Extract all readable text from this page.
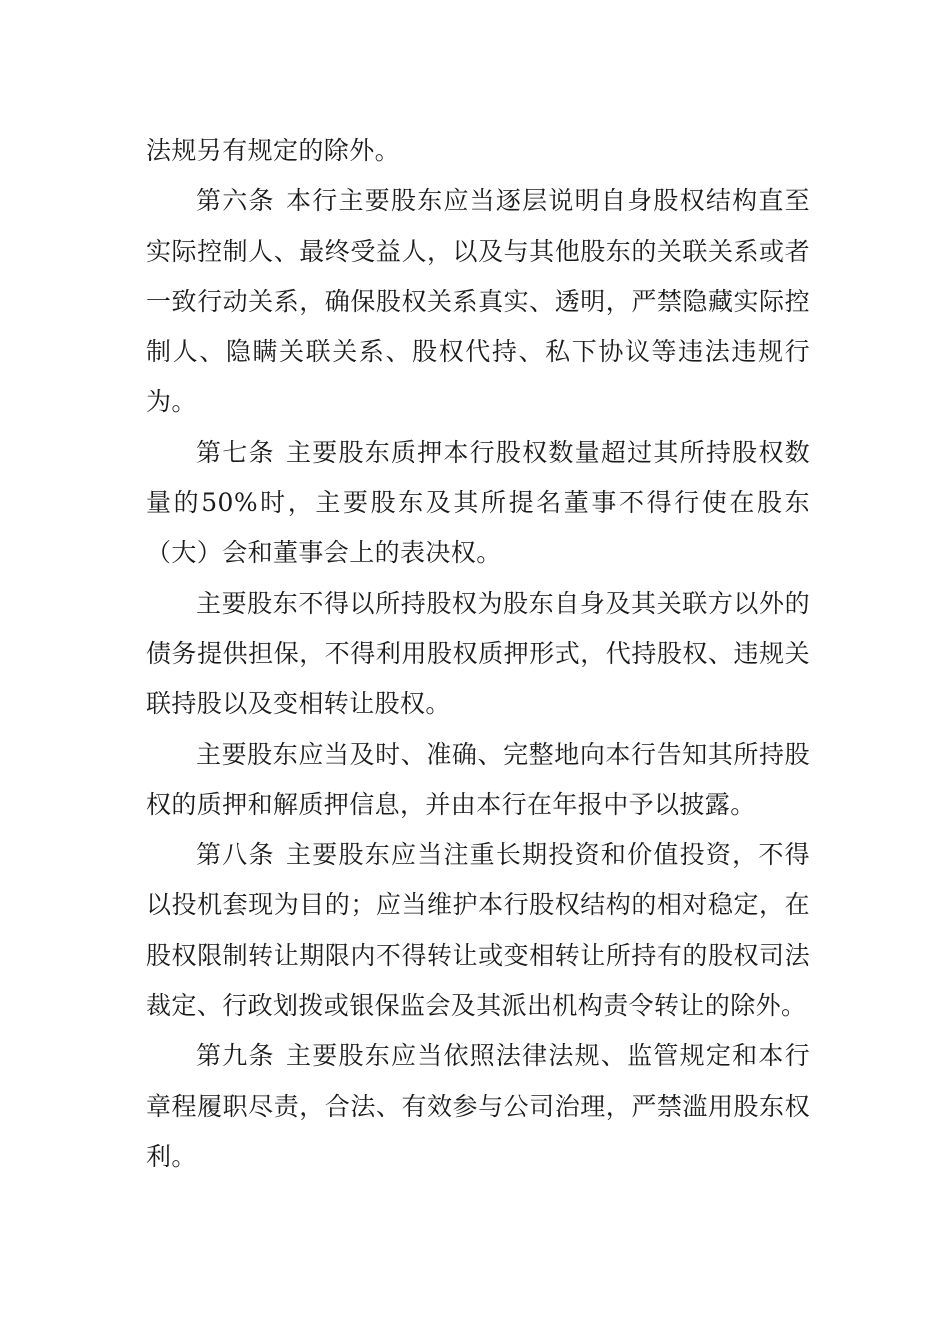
法规另有规定的除外。

第六条 本行主要股东应当逐层说明自身股权结构直至实际控制人、最终受益人，以及与其他股东的关联关系或者一致行动关系，确保股权关系真实、透明，严禁隐藏实际控制人、隐瞒关联关系、股权代持、私下协议等违法违规行为。

第七条 主要股东质押本行股权数量超过其所持股权数量的50%时，主要股东及其所提名董事不得行使在股东（大）会和董事会上的表决权。

主要股东不得以所持股权为股东自身及其关联方以外的债务提供担保，不得利用股权质押形式，代持股权、违规关联持股以及变相转让股权。

主要股东应当及时、准确、完整地向本行告知其所持股权的质押和解质押信息，并由本行在年报中予以披露。

第八条 主要股东应当注重长期投资和价值投资，不得以投机套现为目的；应当维护本行股权结构的相对稳定，在股权限制转让期限内不得转让或变相转让所持有的股权司法裁定、行政划拨或银保监会及其派出机构责令转让的除外。

第九条 主要股东应当依照法律法规、监管规定和本行章程履职尽责，合法、有效参与公司治理，严禁滥用股东权利。
